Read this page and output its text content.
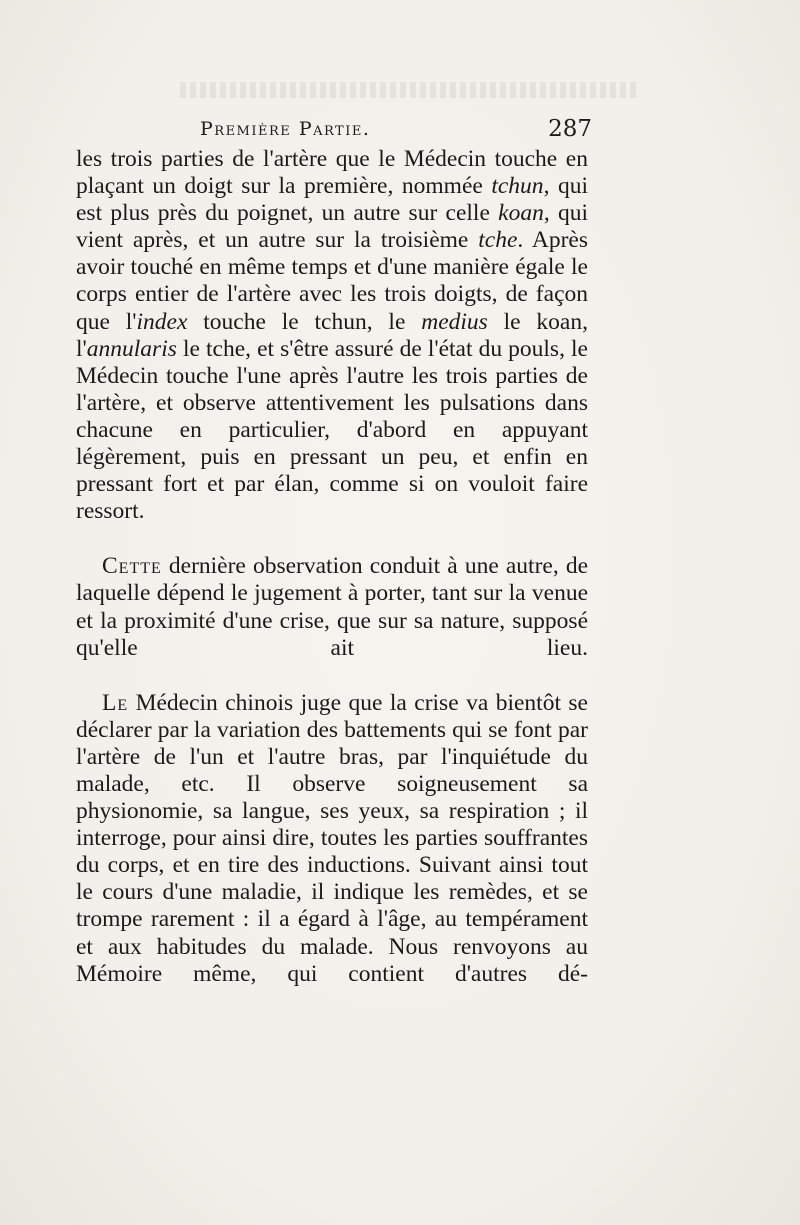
Première Partie.	287

les trois parties de l'artère que le Médecin touche en plaçant un doigt sur la première, nommée tchun, qui est plus près du poignet, un autre sur celle koan, qui vient après, et un autre sur la troisième tche. Après avoir touché en même temps et d'une manière égale le corps entier de l'artère avec les trois doigts, de façon que l'index touche le tchun, le medius le koan, l'annularis le tche, et s'être assuré de l'état du pouls, le Médecin touche l'une après l'autre les trois parties de l'artère, et observe attentivement les pulsations dans chacune en particulier, d'abord en appuyant légèrement, puis en pressant un peu, et enfin en pressant fort et par élan, comme si on vouloit faire ressort.

Cette dernière observation conduit à une autre, de laquelle dépend le jugement à porter, tant sur la venue et la proximité d'une crise, que sur sa nature, supposé qu'elle ait lieu.

Le Médecin chinois juge que la crise va bientôt se déclarer par la variation des battements qui se font par l'artère de l'un et l'autre bras, par l'inquiétude du malade, etc. Il observe soigneusement sa physionomie, sa langue, ses yeux, sa respiration ; il interroge, pour ainsi dire, toutes les parties souffrantes du corps, et en tire des inductions. Suivant ainsi tout le cours d'une maladie, il indique les remèdes, et se trompe rarement : il a égard à l'âge, au tempérament et aux habitudes du malade. Nous renvoyons au Mémoire même, qui contient d'autres dé-
